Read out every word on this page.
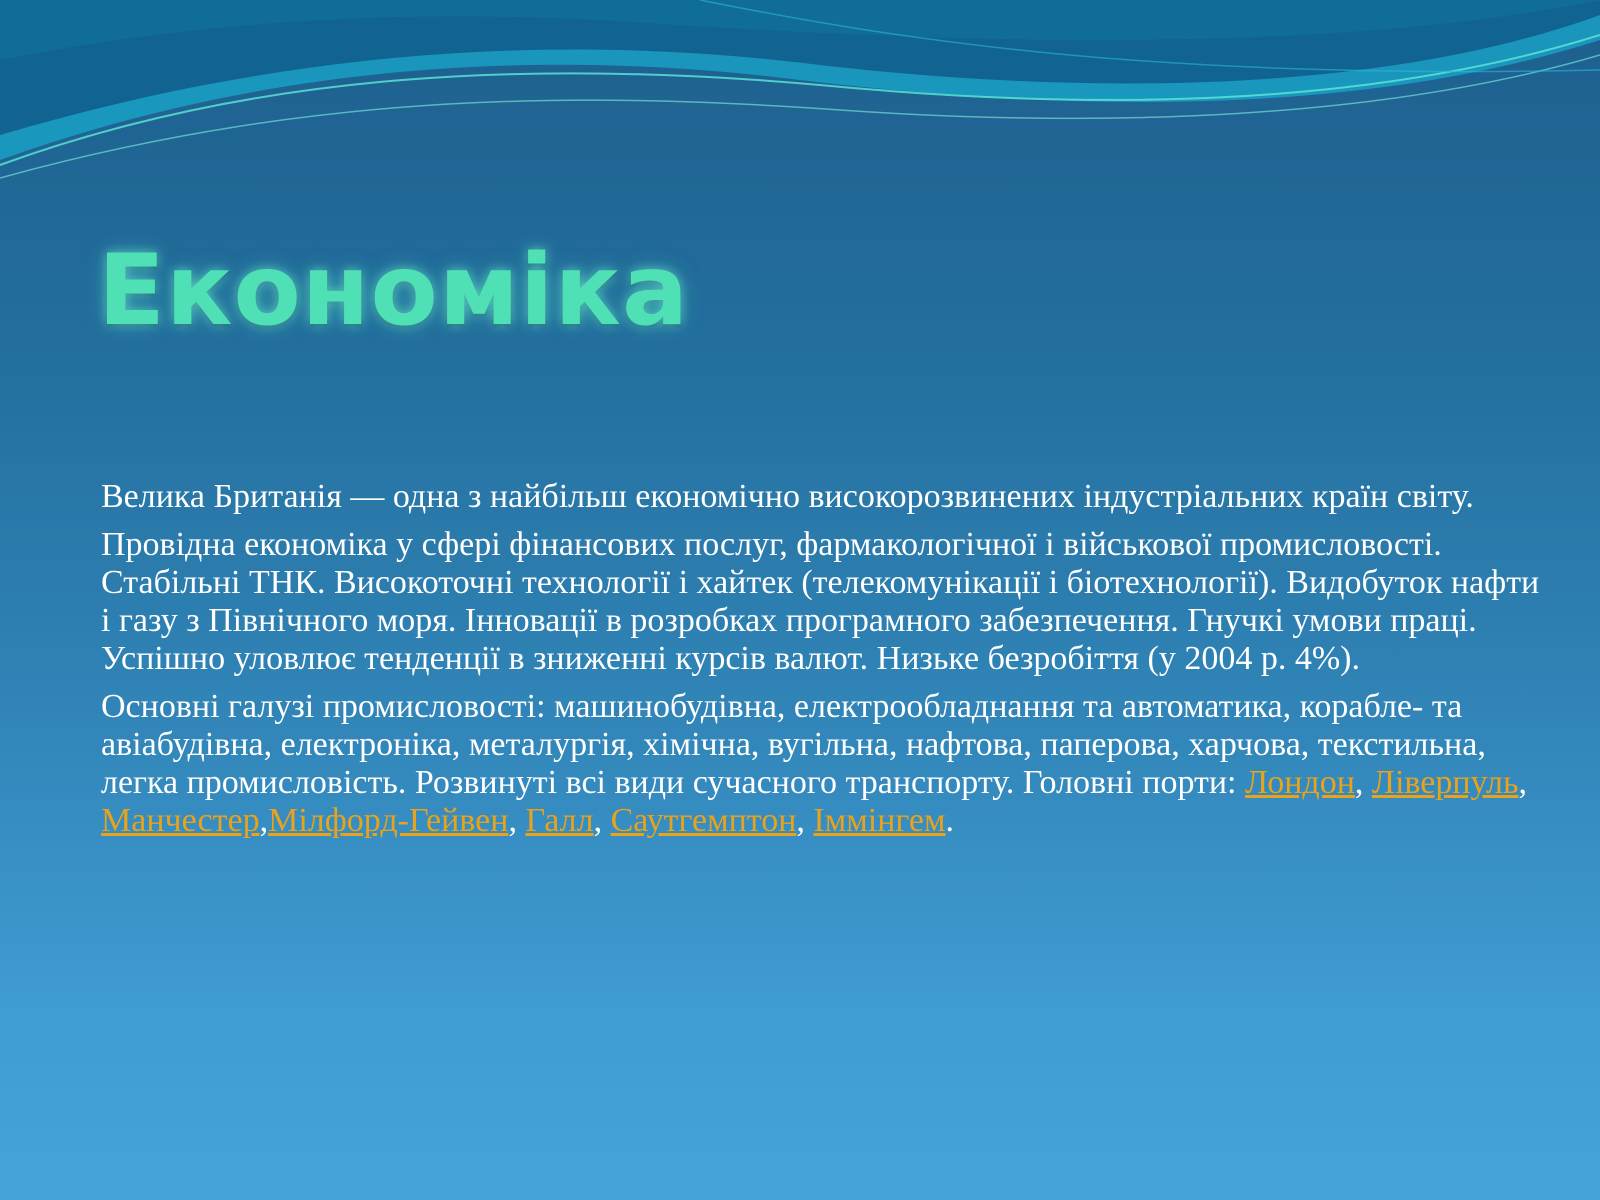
Економіка

Велика Британія — одна з найбільш економічно високорозвинених індустріальних країн світу.

Провідна економіка у сфері фінансових послуг, фармакологічної і військової промисловості. Стабільні ТНК. Високоточні технології і хайтек (телекомунікації і біотехнології). Видобуток нафти і газу з Північного моря. Інновації в розробках програмного забезпечення. Гнучкі умови праці. Успішно уловлює тенденції в зниженні курсів валют. Низьке безробіття (у 2004 р. 4%).

Основні галузі промисловості: машинобудівна, електрообладнання та автоматика, корабле- та авіабудівна, електроніка, металургія, хімічна, вугільна, нафтова, паперова, харчова, текстильна, легка промисловість. Розвинуті всі види сучасного транспорту. Головні порти: Лондон, Ліверпуль, Манчестер,Мілфорд-Гейвен, Галл, Саутгемптон, Іммінгем.
